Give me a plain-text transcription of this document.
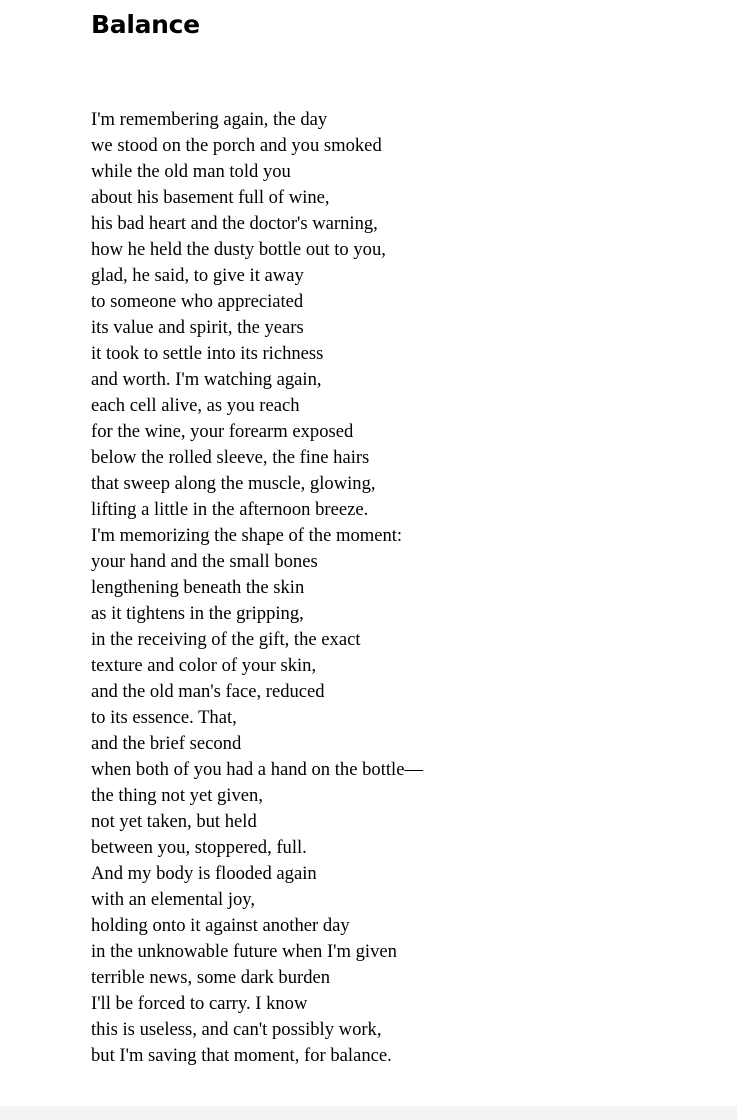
Balance
I'm remembering again, the day
we stood on the porch and you smoked
while the old man told you
about his basement full of wine,
his bad heart and the doctor's warning,
how he held the dusty bottle out to you,
glad, he said, to give it away
to someone who appreciated
its value and spirit, the years
it took to settle into its richness
and worth. I'm watching again,
each cell alive, as you reach
for the wine, your forearm exposed
below the rolled sleeve, the fine hairs
that sweep along the muscle, glowing,
lifting a little in the afternoon breeze.
I'm memorizing the shape of the moment:
your hand and the small bones
lengthening beneath the skin
as it tightens in the gripping,
in the receiving of the gift, the exact
texture and color of your skin,
and the old man's face, reduced
to its essence. That,
and the brief second
when both of you had a hand on the bottle—
the thing not yet given,
not yet taken, but held
between you, stoppered, full.
And my body is flooded again
with an elemental joy,
holding onto it against another day
in the unknowable future when I'm given
terrible news, some dark burden
I'll be forced to carry. I know
this is useless, and can't possibly work,
but I'm saving that moment, for balance.
